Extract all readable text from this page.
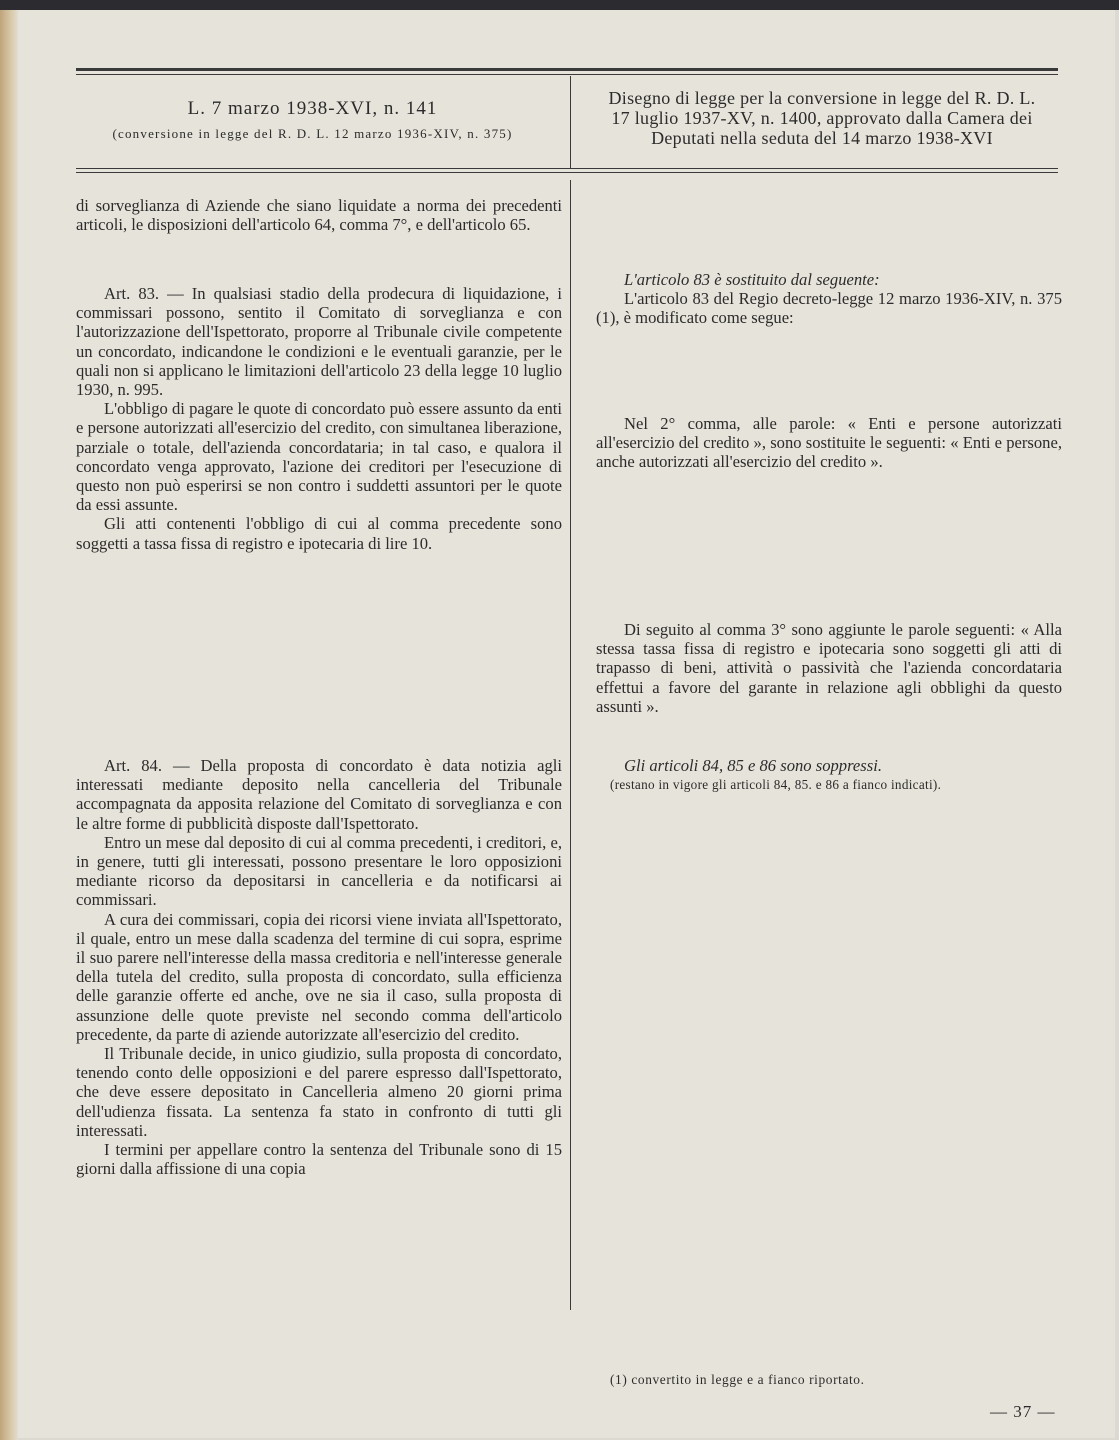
L. 7 marzo 1938-XVI, n. 141
(conversione in legge del R. D. L. 12 marzo 1936-XIV, n. 375)
Disegno di legge per la conversione in legge del R. D. L.
17 luglio 1937-XV, n. 1400, approvato dalla Camera dei
Deputati nella seduta del 14 marzo 1938-XVI

di sorveglianza di Aziende che siano liquidate a norma dei precedenti articoli, le disposizioni dell'articolo 64, comma 7°, e dell'articolo 65.

Art. 83. — In qualsiasi stadio della prodecura di liquidazione, i commissari possono, sentito il Comitato di sorveglianza e con l'autorizzazione dell'Ispettorato, proporre al Tribunale civile competente un concordato, indicandone le condizioni e le eventuali garanzie, per le quali non si applicano le limitazioni dell'articolo 23 della legge 10 luglio 1930, n. 995.

L'obbligo di pagare le quote di concordato può essere assunto da enti e persone autorizzati all'esercizio del credito, con simultanea liberazione, parziale o totale, dell'azienda concordataria; in tal caso, e qualora il concordato venga approvato, l'azione dei creditori per l'esecuzione di questo non può esperirsi se non contro i suddetti assuntori per le quote da essi assunte.

Gli atti contenenti l'obbligo di cui al comma precedente sono soggetti a tassa fissa di registro e ipotecaria di lire 10.

Art. 84. — Della proposta di concordato è data notizia agli interessati mediante deposito nella cancelleria del Tribunale accompagnata da apposita relazione del Comitato di sorveglianza e con le altre forme di pubblicità disposte dall'Ispettorato.

Entro un mese dal deposito di cui al comma precedenti, i creditori, e, in genere, tutti gli interessati, possono presentare le loro opposizioni mediante ricorso da depositarsi in cancelleria e da notificarsi ai commissari.

A cura dei commissari, copia dei ricorsi viene inviata all'Ispettorato, il quale, entro un mese dalla scadenza del termine di cui sopra, esprime il suo parere nell'interesse della massa creditoria e nell'interesse generale della tutela del credito, sulla proposta di concordato, sulla efficienza delle garanzie offerte ed anche, ove ne sia il caso, sulla proposta di assunzione delle quote previste nel secondo comma dell'articolo precedente, da parte di aziende autorizzate all'esercizio del credito.

Il Tribunale decide, in unico giudizio, sulla proposta di concordato, tenendo conto delle opposizioni e del parere espresso dall'Ispettorato, che deve essere depositato in Cancelleria almeno 20 giorni prima dell'udienza fissata. La sentenza fa stato in confronto di tutti gli interessati.

I termini per appellare contro la sentenza del Tribunale sono di 15 giorni dalla affissione di una copia

L'articolo 83 è sostituito dal seguente:

L'articolo 83 del Regio decreto-legge 12 marzo 1936-XIV, n. 375 (1), è modificato come segue:

Nel 2° comma, alle parole: « Enti e persone autorizzati all'esercizio del credito », sono sostituite le seguenti: « Enti e persone, anche autorizzati all'esercizio del credito ».

Di seguito al comma 3° sono aggiunte le parole seguenti: « Alla stessa tassa fissa di registro e ipotecaria sono soggetti gli atti di trapasso di beni, attività o passività che l'azienda concordataria effettui a favore del garante in relazione agli obblighi da questo assunti ».

Gli articoli 84, 85 e 86 sono soppressi.

(restano in vigore gli articoli 84, 85. e 86 a fianco indicati).

(1) convertito in legge e a fianco riportato.
— 37 —
